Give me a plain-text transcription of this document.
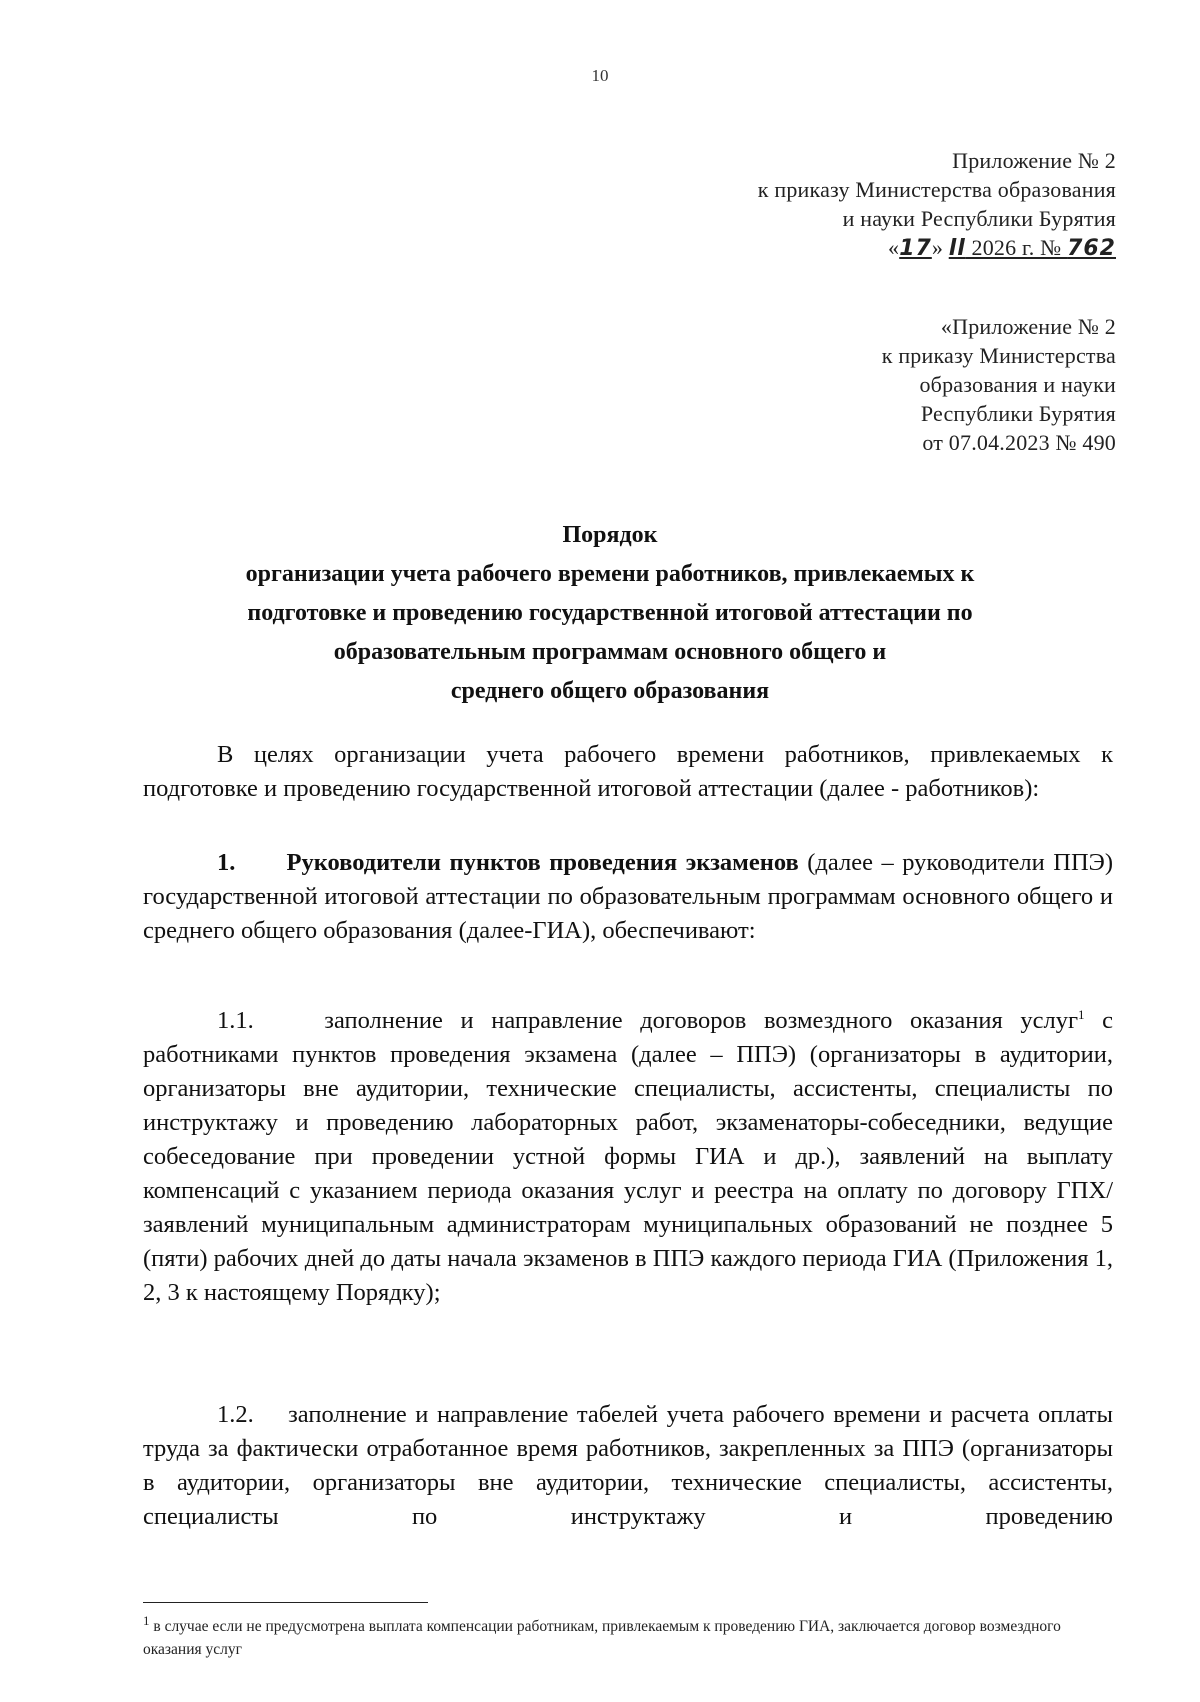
10
Приложение № 2
к приказу Министерства образования
и науки Республики Бурятия
«17» ll 2026 г. № 762
«Приложение № 2
к приказу Министерства
образования и науки
Республики Бурятия
от 07.04.2023 № 490
Порядок
организации учета рабочего времени работников, привлекаемых к
подготовке и проведению государственной итоговой аттестации по
образовательным программам основного общего и
среднего общего образования

В целях организации учета рабочего времени работников, привлекаемых к подготовке и проведению государственной итоговой аттестации (далее - работников):

1. Руководители пунктов проведения экзаменов (далее – руководители ППЭ) государственной итоговой аттестации по образовательным программам основного общего и среднего общего образования (далее-ГИА), обеспечивают:

1.1.    заполнение и направление договоров возмездного оказания услуг$^1$ с работниками пунктов проведения экзамена (далее – ППЭ) (организаторы в аудитории, организаторы вне аудитории, технические специалисты, ассистенты, специалисты по инструктажу и проведению лабораторных работ, экзаменаторы-собеседники, ведущие собеседование при проведении устной формы ГИА и др.), заявлений на выплату компенсаций с указанием периода оказания услуг и реестра на оплату по договору ГПХ/заявлений муниципальным администраторам муниципальных образований не позднее 5 (пяти) рабочих дней до даты начала экзаменов в ППЭ каждого периода ГИА (Приложения 1, 2, 3 к настоящему Порядку);

1.2.    заполнение и направление табелей учета рабочего времени и расчета оплаты труда за фактически отработанное время работников, закрепленных за ППЭ (организаторы в аудитории, организаторы вне аудитории, технические специалисты, ассистенты, специалисты по инструктажу и проведению

$^1$ в случае если не предусмотрена выплата компенсации работникам, привлекаемым к проведению ГИА, заключается договор возмездного оказания услуг
